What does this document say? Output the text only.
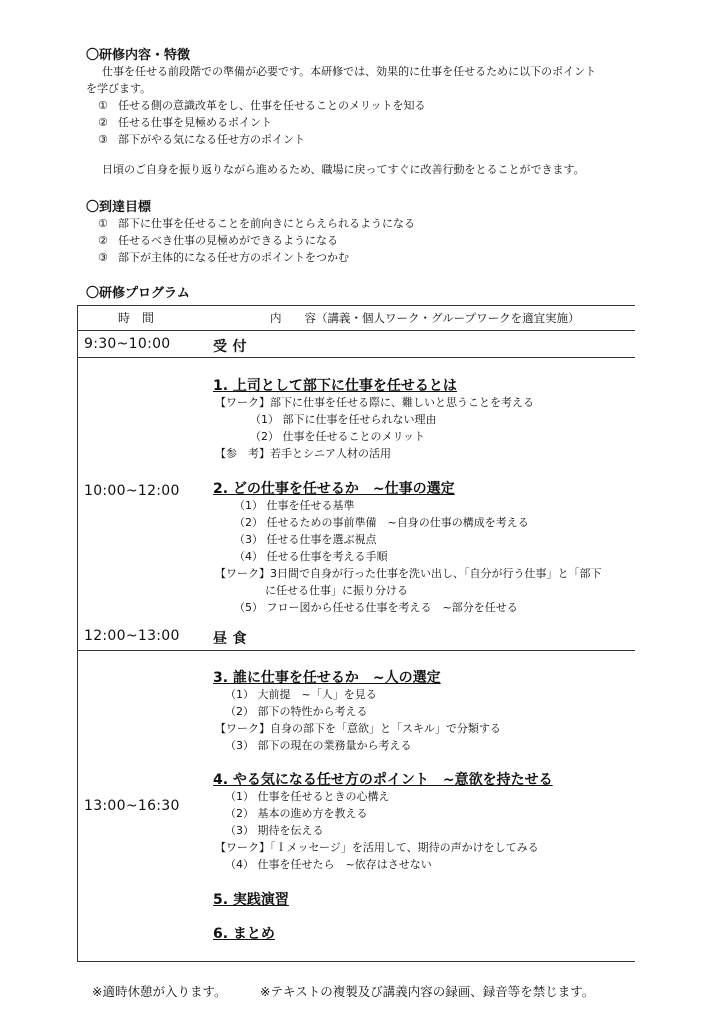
〇研修内容・特徴
仕事を任せる前段階での準備が必要です。本研修では、効果的に仕事を任せるために以下のポイント
を学びます。
① 任せる側の意識改革をし、仕事を任せることのメリットを知る
② 任せる仕事を見極めるポイント
③ 部下がやる気になる任せ方のポイント
日頃のご自身を振り返りながら進めるため、職場に戻ってすぐに改善行動をとることができます。
〇到達目標
① 部下に仕事を任せることを前向きにとらえられるようになる
② 任せるべき仕事の見極めができるようになる
③ 部下が主体的になる任せ方のポイントをつかむ
〇研修プログラム
時　間	内　　容（講義・個人ワーク・グループワークを適宜実施）
9:30~10:00	受 付
10:00~12:00
1. 上司として部下に仕事を任せるとは
【ワーク】部下に仕事を任せる際に、難しいと思うことを考える
（1） 部下に仕事を任せられない理由
（2） 仕事を任せることのメリット
【参　考】若手とシニア人材の活用
2. どの仕事を任せるか　~仕事の選定
（1） 仕事を任せる基準
（2） 任せるための事前準備　~自身の仕事の構成を考える
（3） 任せる仕事を選ぶ視点
（4） 任せる仕事を考える手順
【ワーク】3日間で自身が行った仕事を洗い出し、「自分が行う仕事」と「部下
に任せる仕事」に振り分ける
（5） フロー図から任せる仕事を考える　~部分を任せる
12:00~13:00 昼 食
13:00~16:30
3. 誰に仕事を任せるか　~人の選定
（1） 大前提　~「人」を見る
（2） 部下の特性から考える
【ワーク】自身の部下を「意欲」と「スキル」で分類する
（3） 部下の現在の業務量から考える
4. やる気になる任せ方のポイント　~意欲を持たせる
（1） 仕事を任せるときの心構え
（2） 基本の進め方を教える
（3） 期待を伝える
【ワーク】「Ｉメッセージ」を活用して、期待の声かけをしてみる
（4） 仕事を任せたら　~依存はさせない
5. 実践演習
6. まとめ
※適時休憩が入ります。	※テキストの複製及び講義内容の録画、録音等を禁じます。
